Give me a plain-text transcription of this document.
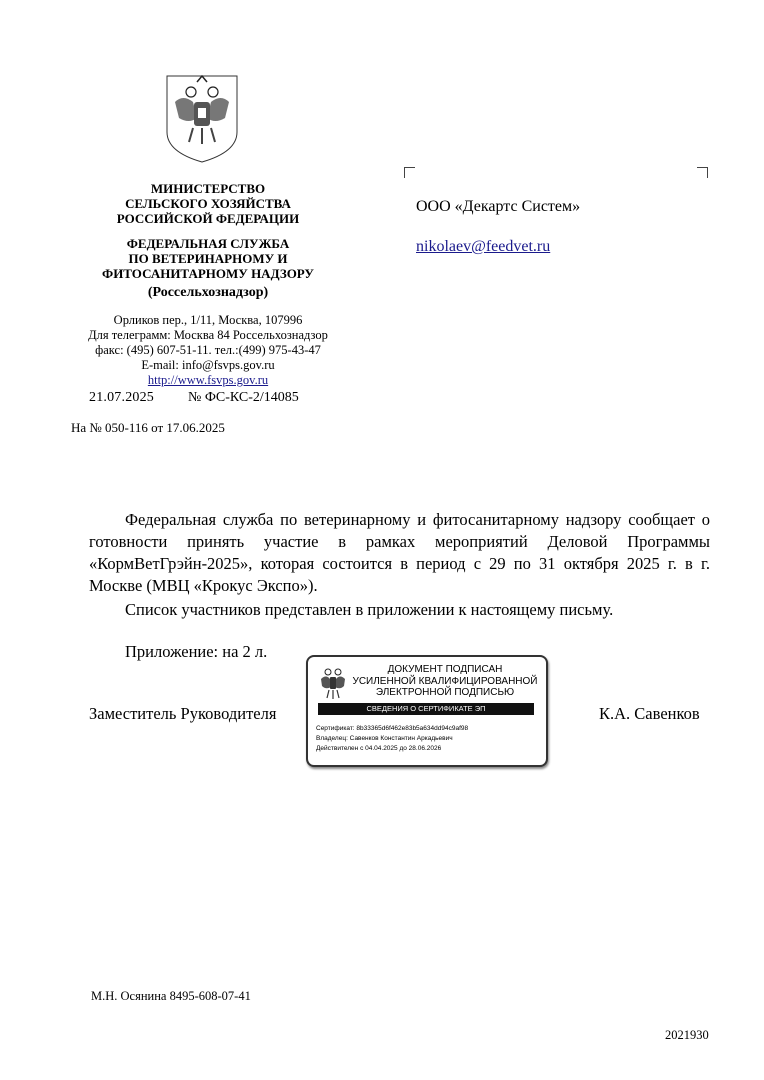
МИНИСТЕРСТВО
СЕЛЬСКОГО ХОЗЯЙСТВА
РОССИЙСКОЙ ФЕДЕРАЦИИ
ФЕДЕРАЛЬНАЯ СЛУЖБА
ПО ВЕТЕРИНАРНОМУ И
ФИТОСАНИТАРНОМУ НАДЗОРУ
(Россельхознадзор)
Орликов пер., 1/11, Москва, 107996
Для телеграмм: Москва 84 Россельхознадзор
факс: (495) 607-51-11. тел.:(499) 975-43-47
E-mail: info@fsvps.gov.ru
http://www.fsvps.gov.ru
21.07.2025 № ФС-КС-2/14085
На № 050-116 от 17.06.2025
ООО «Декартс Систем»
nikolaev@feedvet.ru
Федеральная служба по ветеринарному и фитосанитарному надзору сообщает о готовности принять участие в рамках мероприятий Деловой Программы «КормВетГрэйн-2025», которая состоится в период с 29 по 31 октября 2025 г. в г. Москве (МВЦ «Крокус Экспо»).
Список участников представлен в приложении к настоящему письму.
Приложение: на 2 л.
Заместитель Руководителя	К.А. Савенков
ДОКУМЕНТ ПОДПИСАН
УСИЛЕННОЙ КВАЛИФИЦИРОВАННОЙ
ЭЛЕКТРОННОЙ ПОДПИСЬЮ
СВЕДЕНИЯ О СЕРТИФИКАТЕ ЭП
Сертификат: 8b33365d6f462e83b5a634dd94c9af98
Владелец: Савенков Константин Аркадьевич
Действителен с 04.04.2025 до 28.06.2026
М.Н. Осянина 8495-608-07-41
2021930
